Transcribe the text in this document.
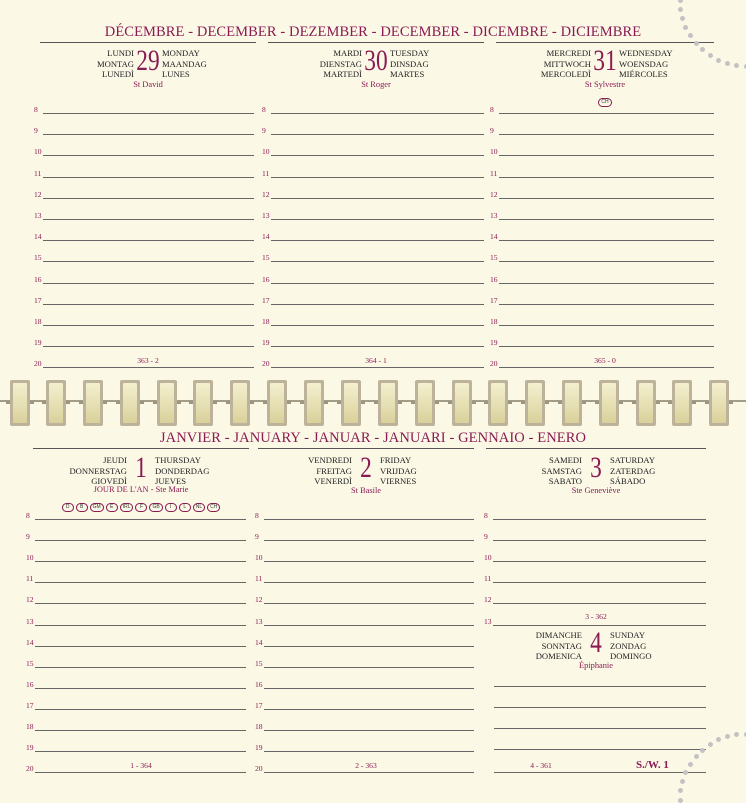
DÉCEMBRE - DECEMBER - DEZEMBER - DECEMBER - DICEMBRE - DICIEMBRE
LUNDI
MONTAG
LUNEDÌ 29 MONDAY
MAANDAG
LUNES
St David
MARDI
DIENSTAG
MARTEDÌ 30 TUESDAY
DINSDAG
MARTES
St Roger
MERCREDI
MITTWOCH
MERCOLEDÌ 31 WEDNESDAY
WOENSDAG
MIÉRCOLES
St Sylvestre
CH
8
9
10
11
12
13
14
15
16
17
18
19
20
8
9
10
11
12
13
14
15
16
17
18
19
20
8
9
10
11
12
13
14
15
16
17
18
19
20
363 - 2	364 - 1	365 - 0
JANVIER - JANUARY - JANUAR - JANUARI - GENNAIO - ENERO
JEUDI
DONNERSTAG
GIOVEDÌ 1 THURSDAY
DONDERDAG
JUEVES
JOUR DE L'AN - Ste Marie
D B GM E IRL F GB I L NL CH
VENDREDI
FREITAG
VENERDÌ 2 FRIDAY
VRIJDAG
VIERNES
St Basile
SAMEDI
SAMSTAG
SABATO 3 SATURDAY
ZATERDAG
SÁBADO
Ste Geneviève
8
9
10
11
12
13
14
15
16
17
18
19
20
8
9
10
11
12
13
14
15
16
17
18
19
20
8
9
10
11
12
13	3 - 362
DIMANCHE
SONNTAG
DOMENICA 4 SUNDAY
ZONDAG
DOMINGO
Épiphanie
1 - 364	2 - 363	4 - 361	S./W. 1
